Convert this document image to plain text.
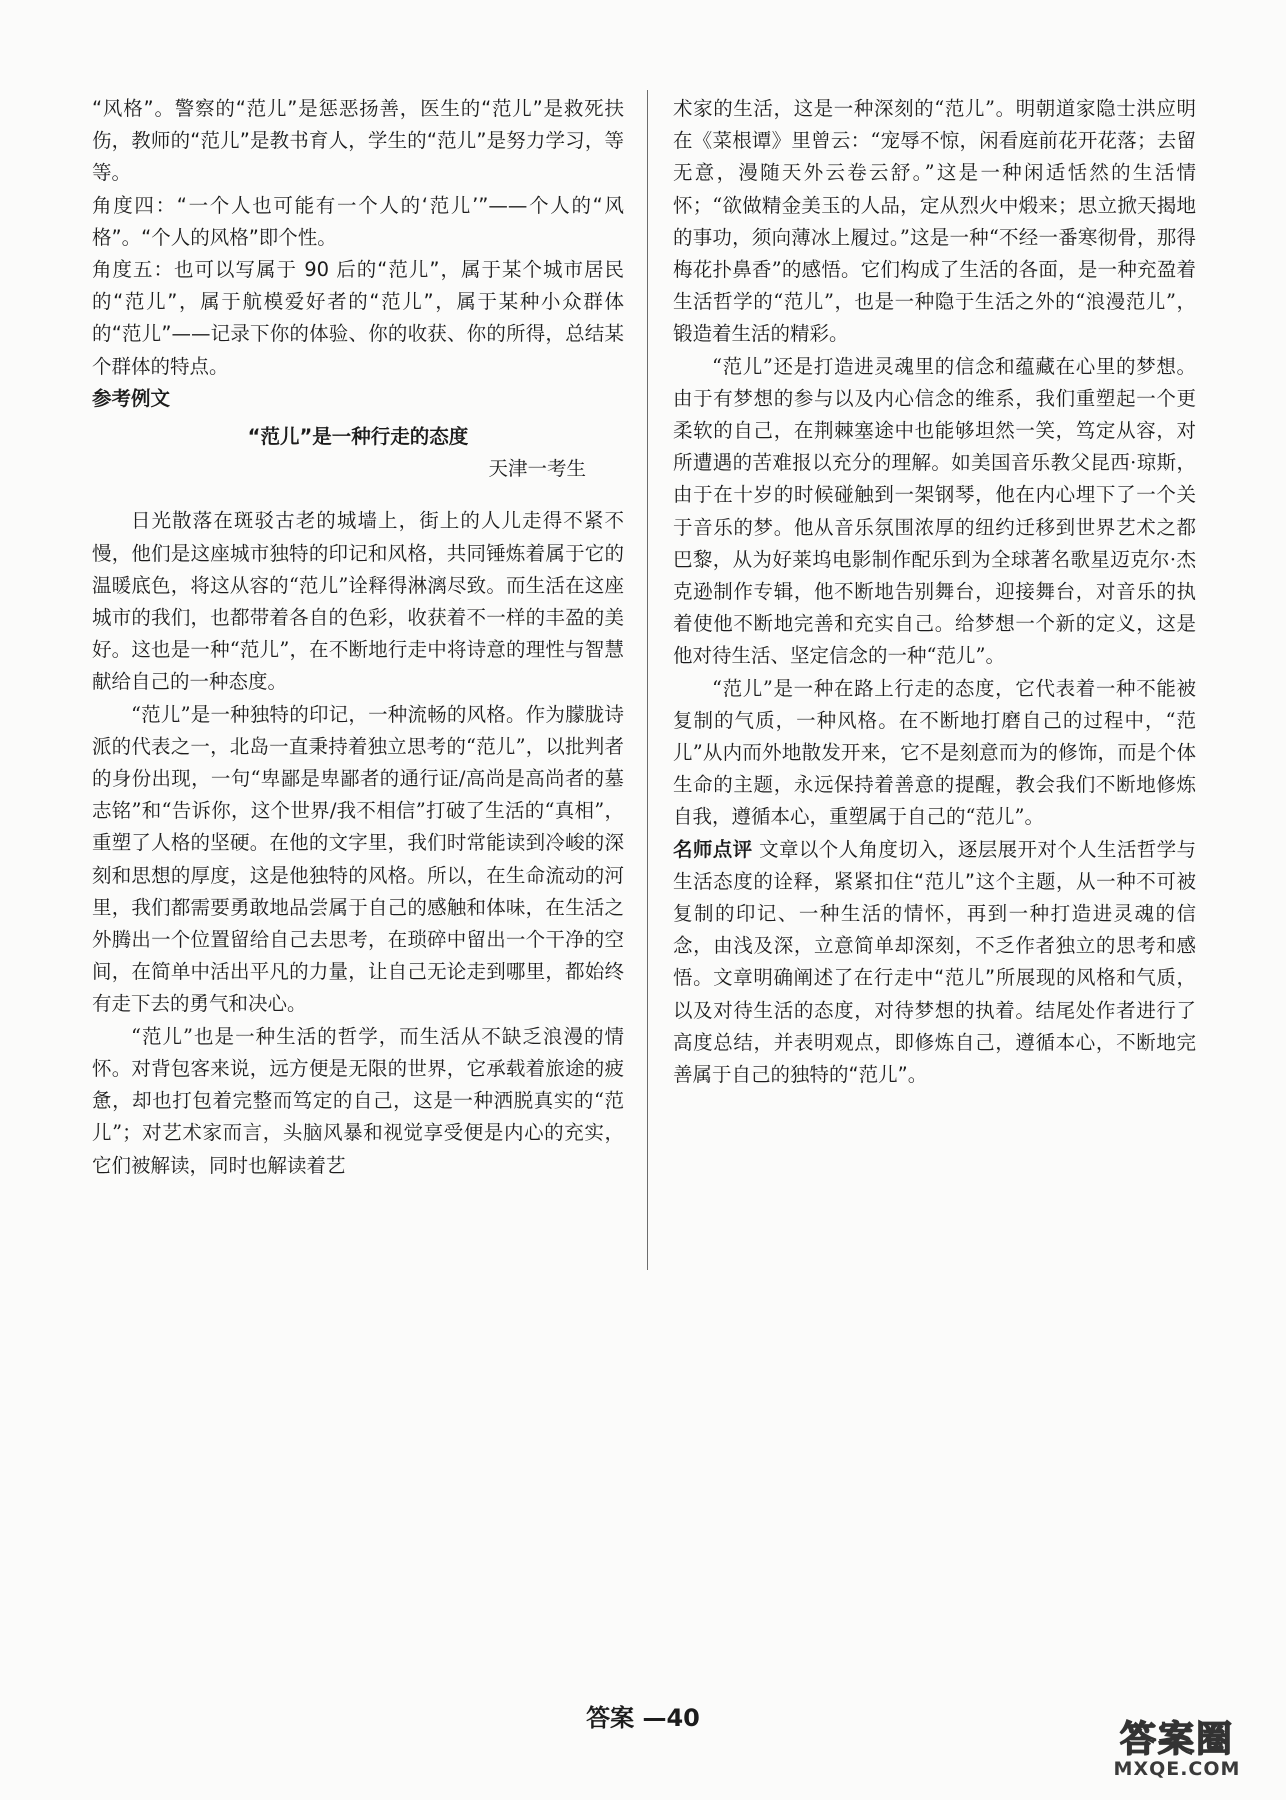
“风格”。警察的“范儿”是惩恶扬善，医生的“范儿”是救死扶伤，教师的“范儿”是教书育人，学生的“范儿”是努力学习，等等。

角度四：“一个人也可能有一个人的‘范儿’”——个人的“风格”。“个人的风格”即个性。

角度五：也可以写属于 90 后的“范儿”，属于某个城市居民的“范儿”，属于航模爱好者的“范儿”，属于某种小众群体的“范儿”——记录下你的体验、你的收获、你的所得，总结某个群体的特点。

参考例文

“范儿”是一种行走的态度

天津一考生

日光散落在斑驳古老的城墙上，街上的人儿走得不紧不慢，他们是这座城市独特的印记和风格，共同锤炼着属于它的温暖底色，将这从容的“范儿”诠释得淋漓尽致。而生活在这座城市的我们，也都带着各自的色彩，收获着不一样的丰盈的美好。这也是一种“范儿”，在不断地行走中将诗意的理性与智慧献给自己的一种态度。

“范儿”是一种独特的印记，一种流畅的风格。作为朦胧诗派的代表之一，北岛一直秉持着独立思考的“范儿”，以批判者的身份出现，一句“卑鄙是卑鄙者的通行证/高尚是高尚者的墓志铭”和“告诉你，这个世界/我不相信”打破了生活的“真相”，重塑了人格的坚硬。在他的文字里，我们时常能读到冷峻的深刻和思想的厚度，这是他独特的风格。所以，在生命流动的河里，我们都需要勇敢地品尝属于自己的感触和体味，在生活之外腾出一个位置留给自己去思考，在琐碎中留出一个干净的空间，在简单中活出平凡的力量，让自己无论走到哪里，都始终有走下去的勇气和决心。

“范儿”也是一种生活的哲学，而生活从不缺乏浪漫的情怀。对背包客来说，远方便是无限的世界，它承载着旅途的疲惫，却也打包着完整而笃定的自己，这是一种洒脱真实的“范儿”；对艺术家而言，头脑风暴和视觉享受便是内心的充实，它们被解读，同时也解读着艺

术家的生活，这是一种深刻的“范儿”。明朝道家隐士洪应明在《菜根谭》里曾云：“宠辱不惊，闲看庭前花开花落；去留无意，漫随天外云卷云舒。”这是一种闲适恬然的生活情怀；“欲做精金美玉的人品，定从烈火中煅来；思立掀天揭地的事功，须向薄冰上履过。”这是一种“不经一番寒彻骨，那得梅花扑鼻香”的感悟。它们构成了生活的各面，是一种充盈着生活哲学的“范儿”，也是一种隐于生活之外的“浪漫范儿”，锻造着生活的精彩。

“范儿”还是打造进灵魂里的信念和蕴藏在心里的梦想。由于有梦想的参与以及内心信念的维系，我们重塑起一个更柔软的自己，在荆棘塞途中也能够坦然一笑，笃定从容，对所遭遇的苦难报以充分的理解。如美国音乐教父昆西·琼斯，由于在十岁的时候碰触到一架钢琴，他在内心埋下了一个关于音乐的梦。他从音乐氛围浓厚的纽约迁移到世界艺术之都巴黎，从为好莱坞电影制作配乐到为全球著名歌星迈克尔·杰克逊制作专辑，他不断地告别舞台，迎接舞台，对音乐的执着使他不断地完善和充实自己。给梦想一个新的定义，这是他对待生活、坚定信念的一种“范儿”。

“范儿”是一种在路上行走的态度，它代表着一种不能被复制的气质，一种风格。在不断地打磨自己的过程中，“范儿”从内而外地散发开来，它不是刻意而为的修饰，而是个体生命的主题，永远保持着善意的提醒，教会我们不断地修炼自我，遵循本心，重塑属于自己的“范儿”。

名师点评 文章以个人角度切入，逐层展开对个人生活哲学与生活态度的诠释，紧紧扣住“范儿”这个主题，从一种不可被复制的印记、一种生活的情怀，再到一种打造进灵魂的信念，由浅及深，立意简单却深刻，不乏作者独立的思考和感悟。文章明确阐述了在行走中“范儿”所展现的风格和气质，以及对待生活的态度，对待梦想的执着。结尾处作者进行了高度总结，并表明观点，即修炼自己，遵循本心，不断地完善属于自己的独特的“范儿”。

答案 —40
答案圈
MXQE.COM
